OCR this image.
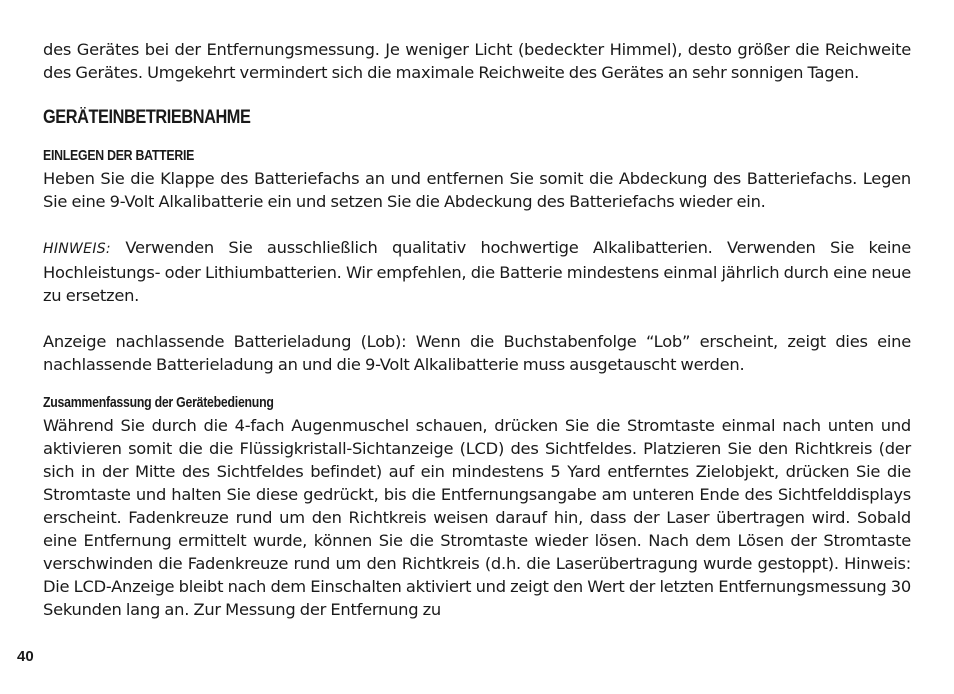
des Gerätes bei der Entfernungsmessung. Je weniger Licht (bedeckter Himmel), desto größer die Reichweite des Gerätes. Umgekehrt vermindert sich die maximale Reichweite des Gerätes an sehr sonnigen Tagen.

GERÄTEINBETRIEBNAHME
EINLEGEN DER BATTERIE

Heben Sie die Klappe des Batteriefachs an und entfernen Sie somit die Abdeckung des Batteriefachs. Legen Sie eine 9-Volt Alkalibatterie ein und setzen Sie die Abdeckung des Batteriefachs wieder ein.

HINWEIS: Verwenden Sie ausschließlich qualitativ hochwertige Alkalibatterien. Verwenden Sie keine Hochleistungs- oder Lithiumbatterien. Wir empfehlen, die Batterie mindestens einmal jährlich durch eine neue zu ersetzen.

Anzeige nachlassende Batterieladung (Lob): Wenn die Buchstabenfolge “Lob” erscheint, zeigt dies eine nachlassende Batterieladung an und die 9-Volt Alkalibatterie muss ausgetauscht werden.

Zusammenfassung der Gerätebedienung

Während Sie durch die 4-fach Augenmuschel schauen, drücken Sie die Stromtaste einmal nach unten und aktivieren somit die die Flüssigkristall-Sichtanzeige (LCD) des Sichtfeldes. Platzieren Sie den Richtkreis (der sich in der Mitte des Sichtfeldes befindet) auf ein mindestens 5 Yard entferntes Zielobjekt, drücken Sie die Stromtaste und halten Sie diese gedrückt, bis die Entfernungsangabe am unteren Ende des Sichtfelddisplays erscheint. Fadenkreuze rund um den Richtkreis weisen darauf hin, dass der Laser übertragen wird. Sobald eine Entfernung ermittelt wurde, können Sie die Stromtaste wieder lösen. Nach dem Lösen der Stromtaste verschwinden die Fadenkreuze rund um den Richtkreis (d.h. die Laserübertragung wurde gestoppt). Hinweis: Die LCD-Anzeige bleibt nach dem Einschalten aktiviert und zeigt den Wert der letzten Entfernungsmessung 30 Sekunden lang an. Zur Messung der Entfernung zu

40
